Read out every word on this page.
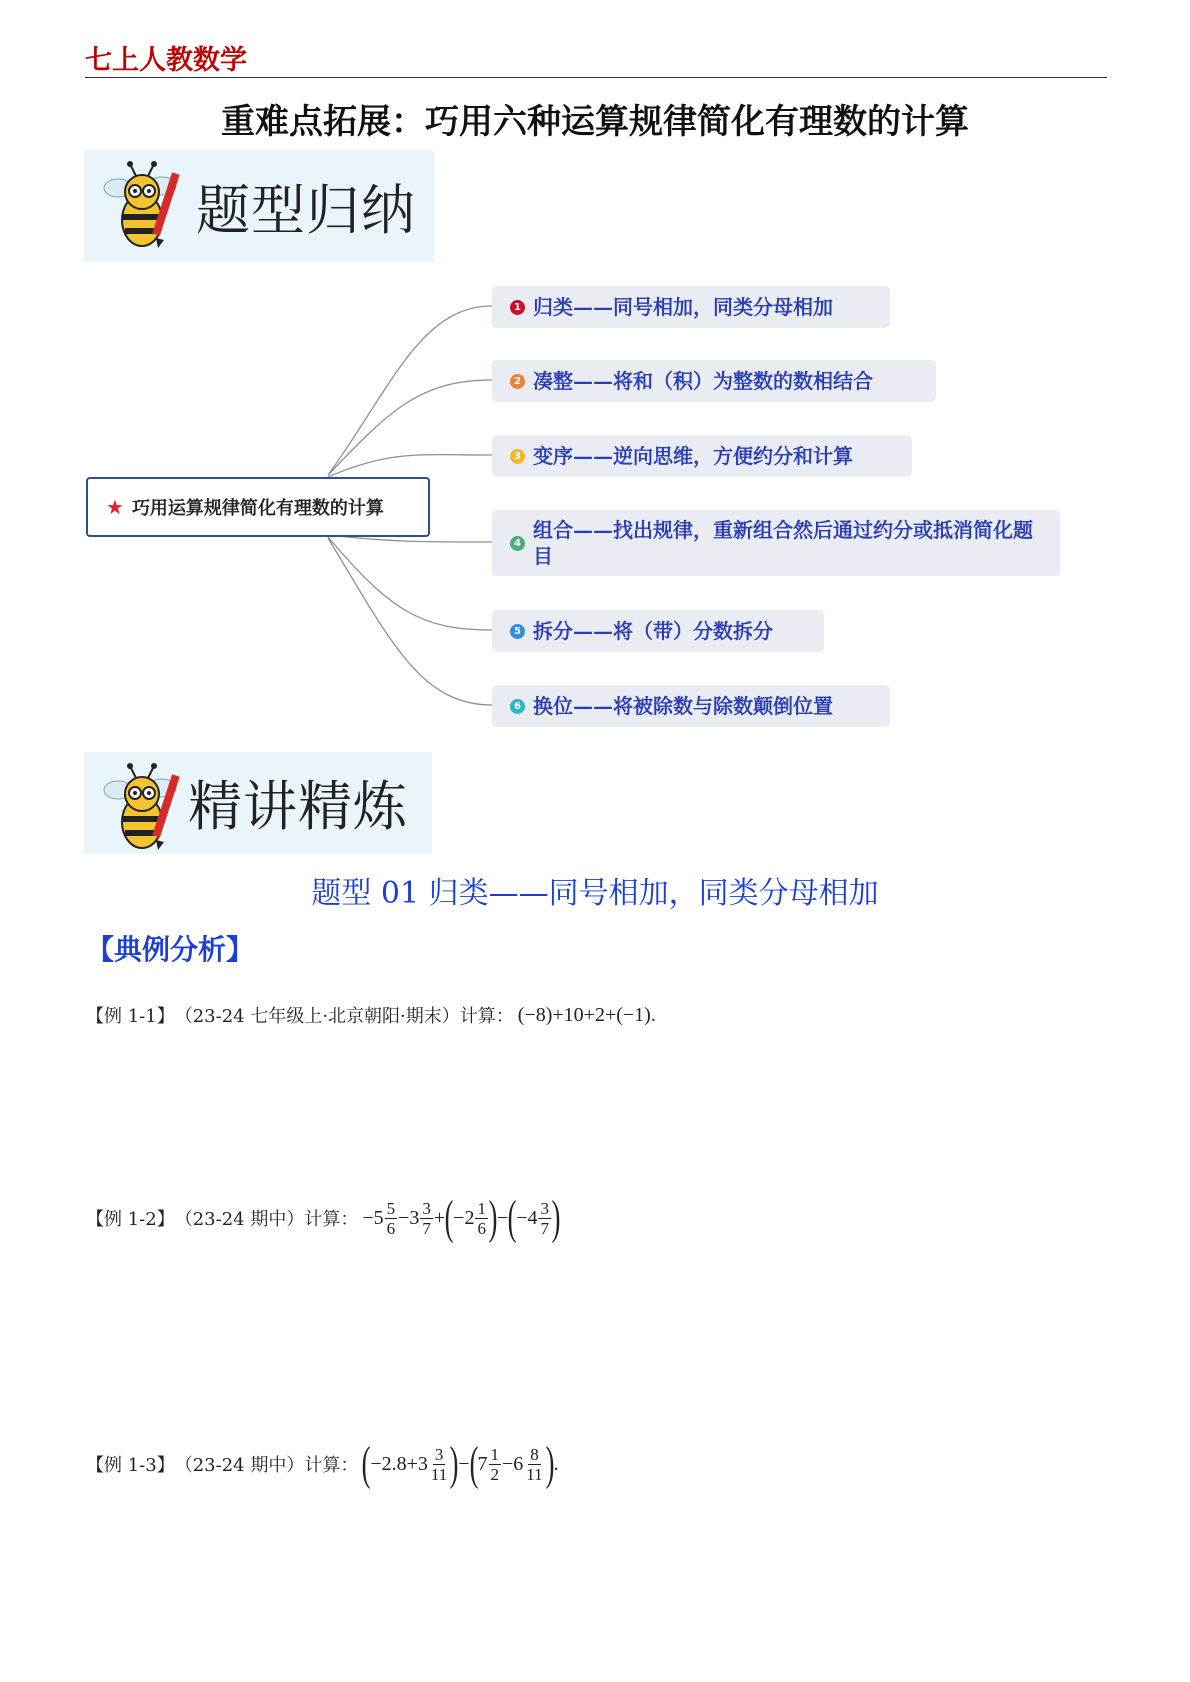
七上人教数学
重难点拓展：巧用六种运算规律简化有理数的计算
题型归纳
★ 巧用运算规律简化有理数的计算
1 归类——同号相加，同类分母相加
2 凑整——将和（积）为整数的数相结合
3 变序——逆向思维，方便约分和计算
4
组合——找出规律，重新组合然后通过约分或抵消简化题目
5 拆分——将（带）分数拆分
6 换位——将被除数与除数颠倒位置
精讲精炼
题型 01 归类——同号相加，同类分母相加
【典例分析】
【例 1-1】 （23-24 七年级上·北京朝阳·期末）计算： (−8) +10+2+ (−1) .
【例 1-2】 （23-24 期中）计算： $-5 \frac{5}{6} -3 \frac{3}{7}$ + ( $-2 \frac{1}{6}$ ) − ( $-4 \frac{3}{7}$ )
【例 1-3】 （23-24 期中）计算： ( $-2.8+3 \frac{3}{11}$ ) − ( $7 \frac{1}{2} -6 \frac{8}{11}$ ) .
